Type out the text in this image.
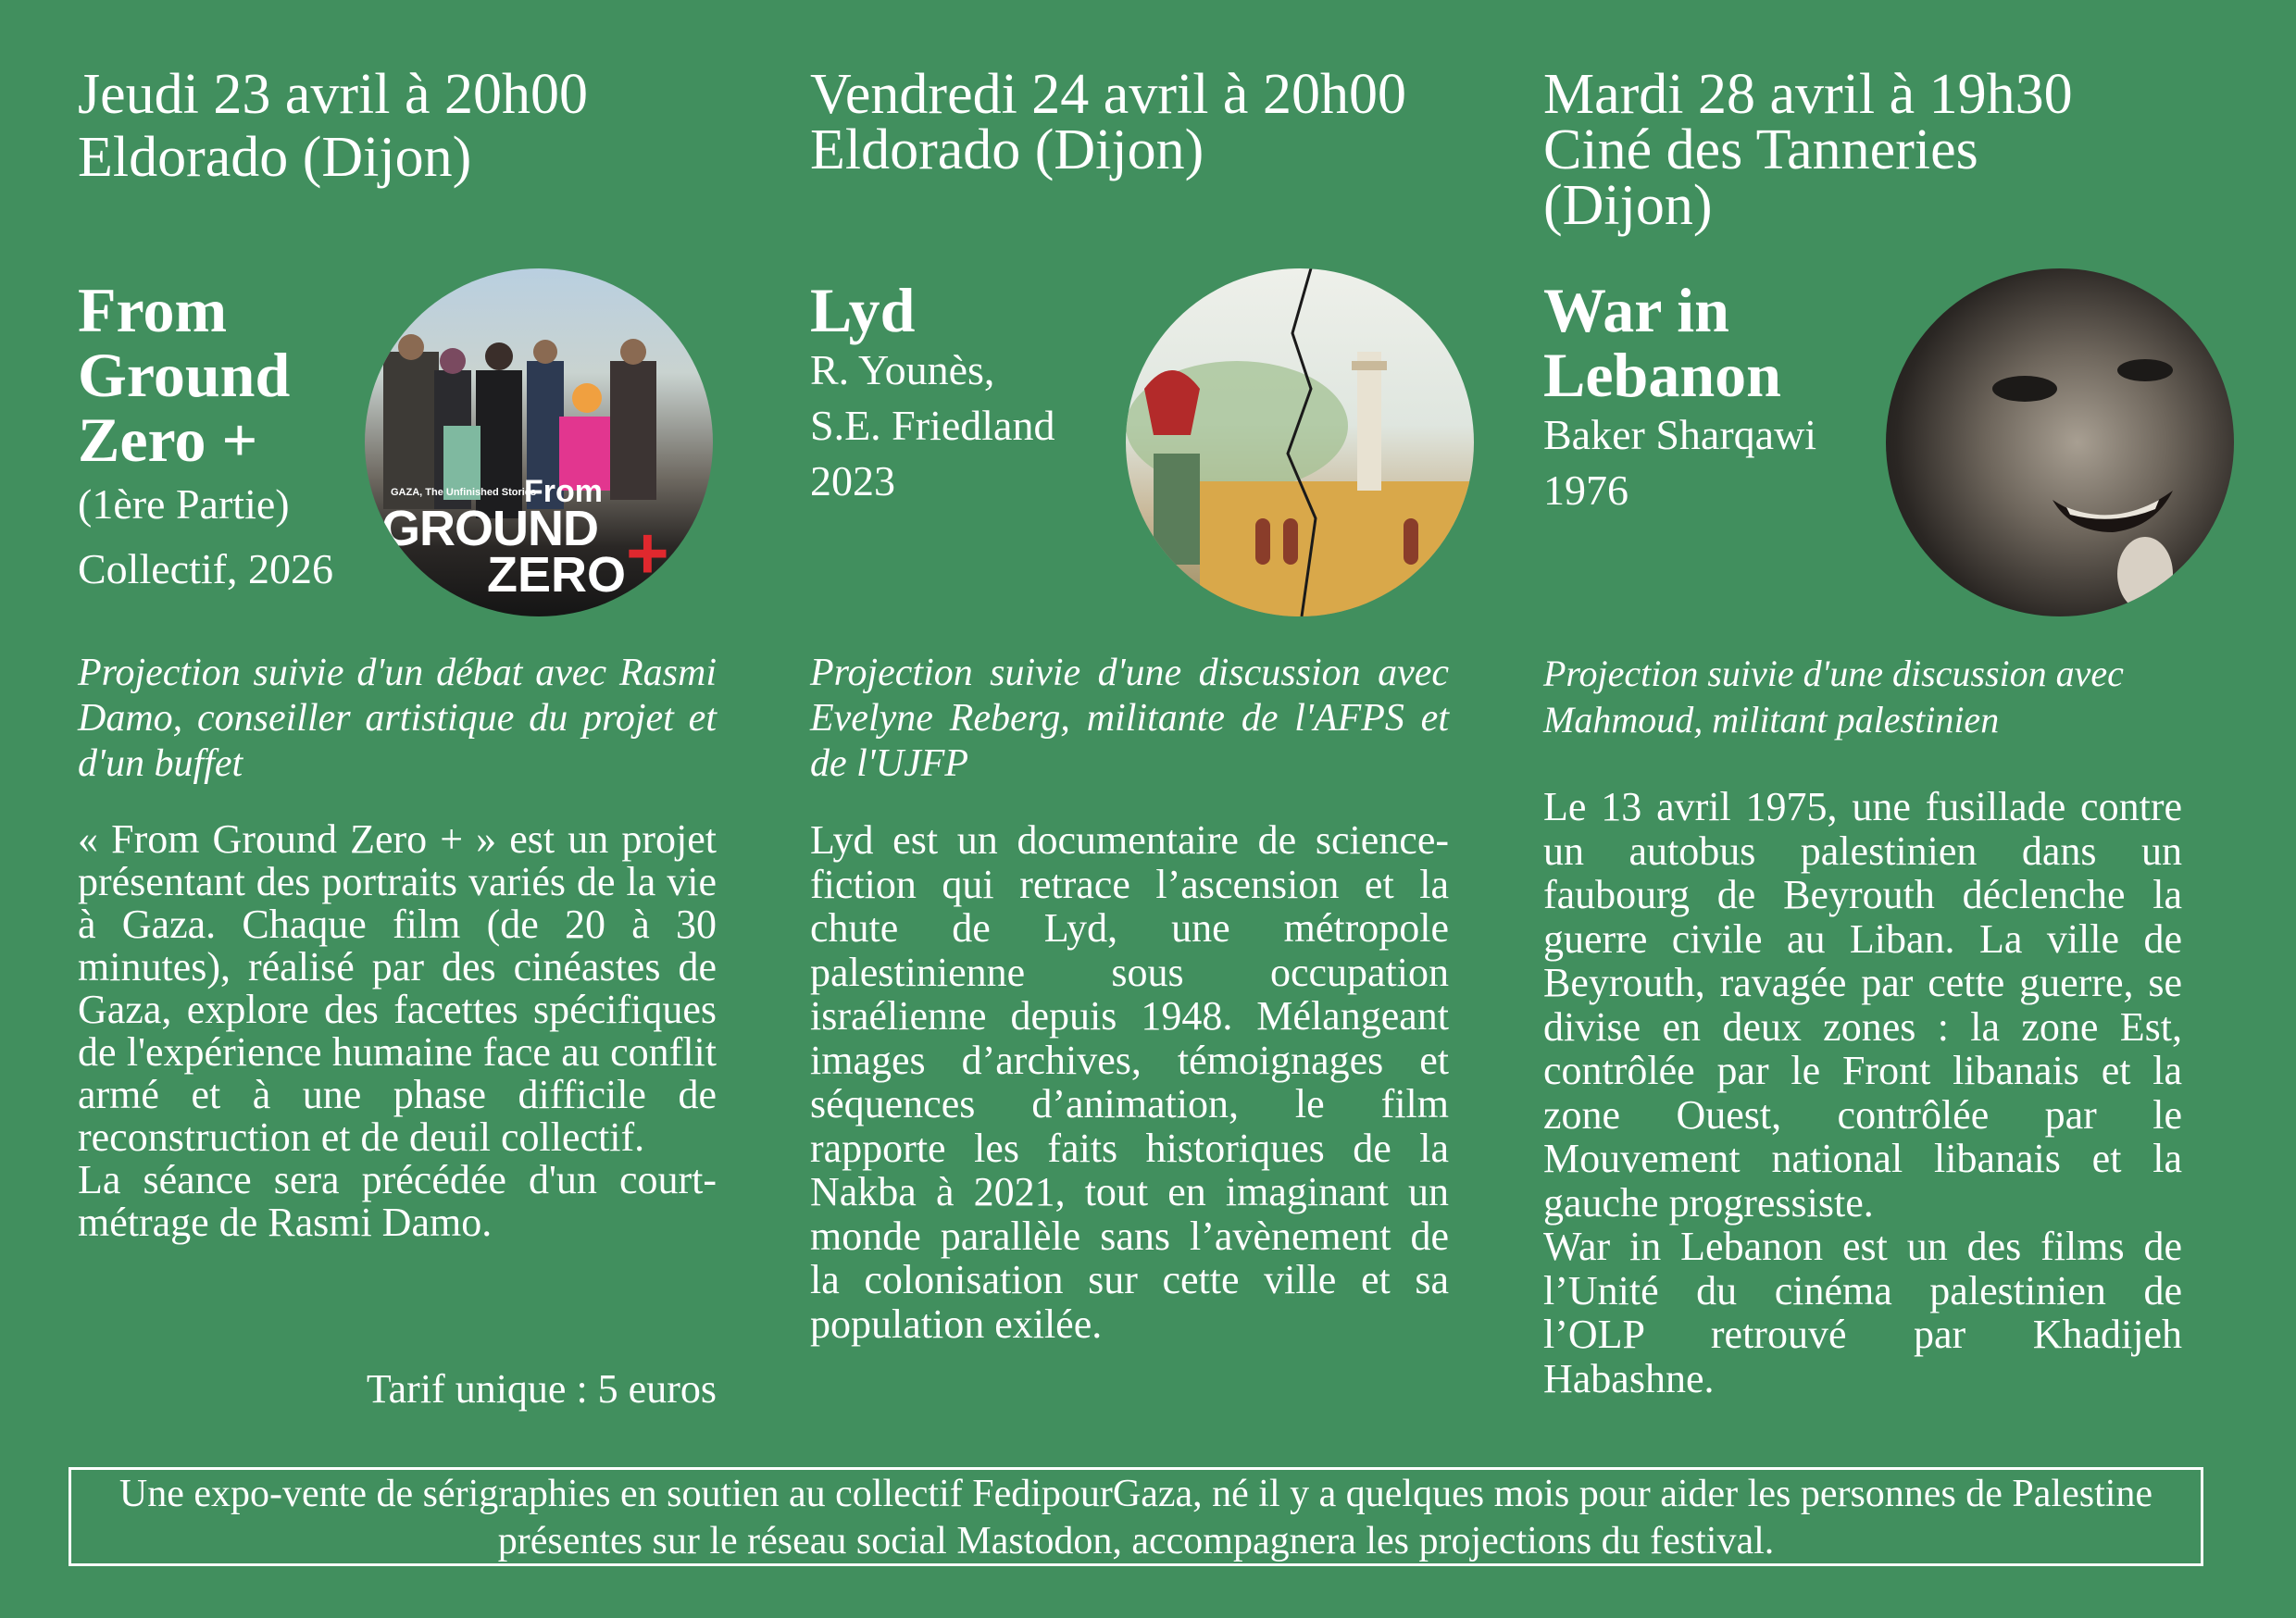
Jeudi 23 avril à 20h00
Eldorado (Dijon)
From Ground Zero +
(1ère Partie)
Collectif, 2026
GAZA, The Unfinished Stories
From
GROUND
ZERO +
Projection suivie d'un débat avec Rasmi Damo, conseiller artistique du projet et d'un buffet

« From Ground Zero + » est un projet présentant des portraits variés de la vie à Gaza. Chaque film (de 20 à 30 minutes), réalisé par des cinéastes de Gaza, explore des facettes spécifiques de l'expérience humaine face au conflit armé et à une phase difficile de reconstruction et de deuil collectif.

La séance sera précédée d'un court-métrage de Rasmi Damo.

Tarif unique : 5 euros
Vendredi 24 avril à 20h00
Eldorado (Dijon)
Lyd
R. Younès,
S.E. Friedland
2023
Projection suivie d'une discussion avec Evelyne Reberg, militante de l'AFPS et de l'UJFP

Lyd est un documentaire de science-fiction qui retrace l’ascension et la chute de Lyd, une métropole palestinienne sous occupation israélienne depuis 1948. Mélangeant images d’archives, témoignages et séquences d’animation, le film rapporte les faits historiques de la Nakba à 2021, tout en imaginant un monde parallèle sans l’avènement de la colonisation sur cette ville et sa population exilée.

Mardi 28 avril à 19h30
Ciné des Tanneries (Dijon)
War in Lebanon
Baker Sharqawi
1976
Projection suivie d'une discussion avec Mahmoud, militant palestinien

Le 13 avril 1975, une fusillade contre un autobus palestinien dans un faubourg de Beyrouth déclenche la guerre civile au Liban. La ville de Beyrouth, ravagée par cette guerre, se divise en deux zones : la zone Est, contrôlée par le Front libanais et la zone Ouest, contrôlée par le Mouvement national libanais et la gauche progressiste.

War in Lebanon est un des films de l’Unité du cinéma palestinien de l’OLP retrouvé par Khadijeh Habashne.

Une expo-vente de sérigraphies en soutien au collectif FedipourGaza, né il y a quelques mois pour aider les personnes de Palestine présentes sur le réseau social Mastodon, accompagnera les projections du festival.
